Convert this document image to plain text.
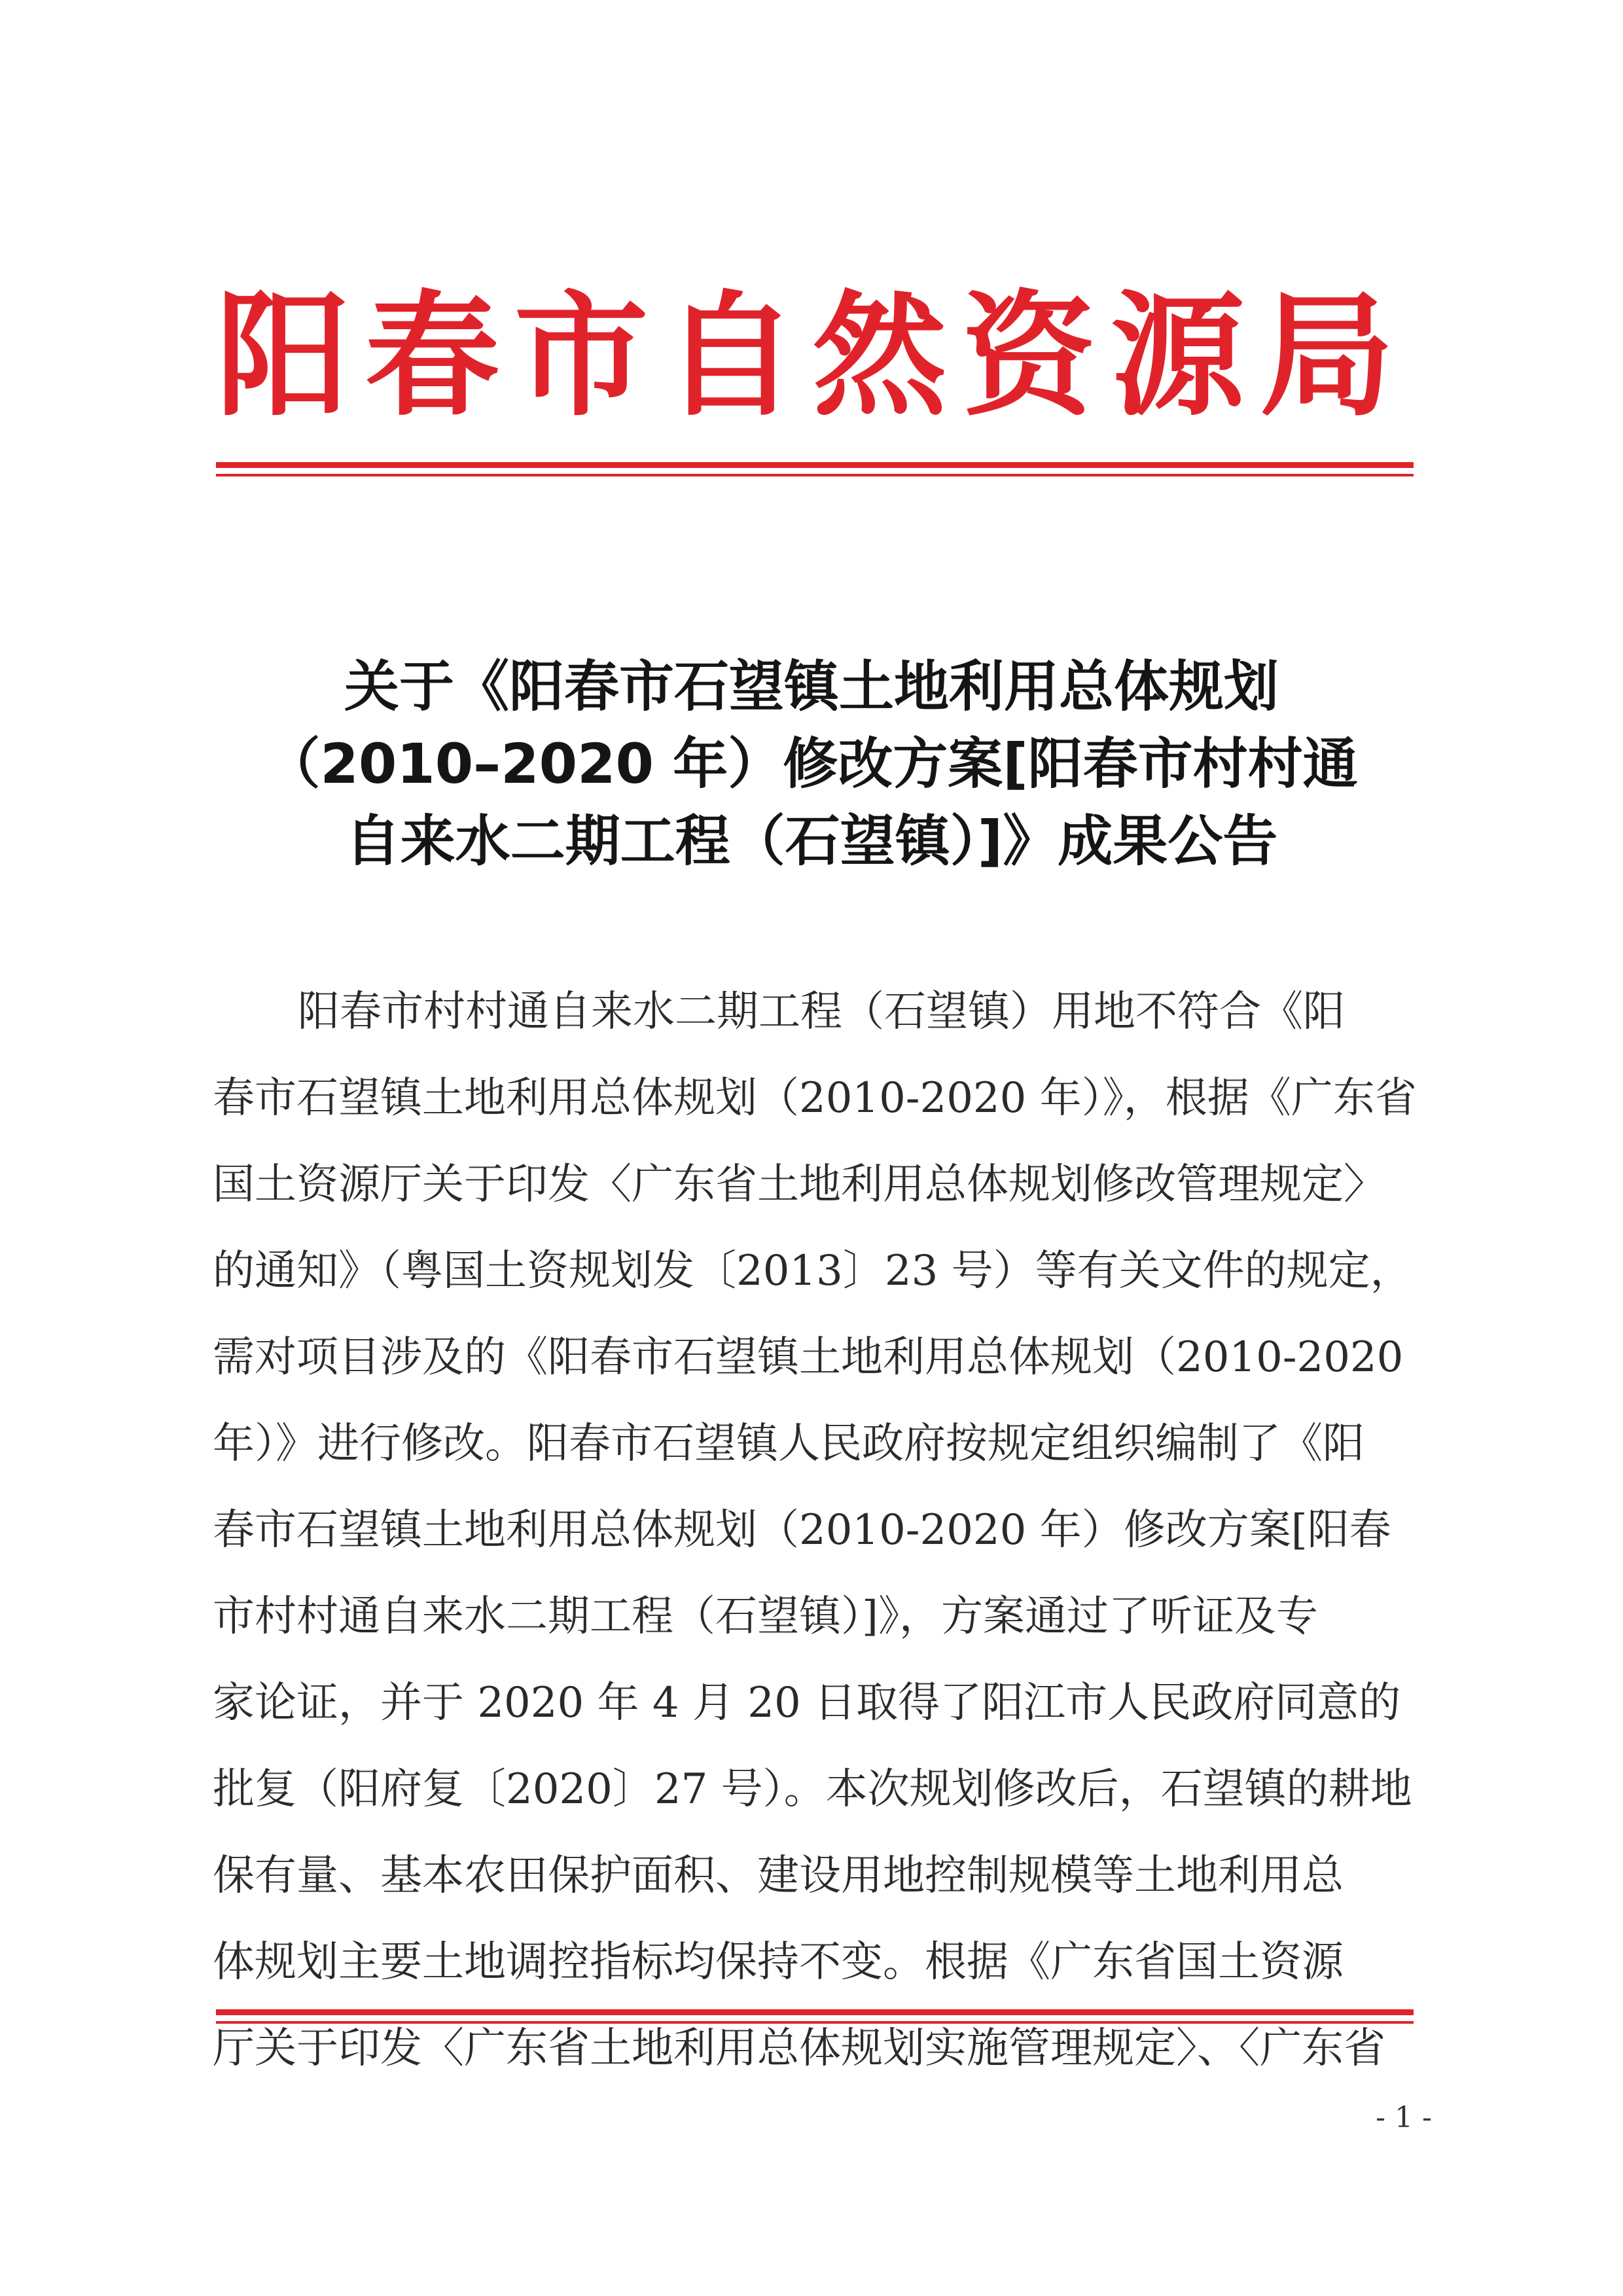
阳 春 市 自 然 资 源 局
关于《阳春市石望镇土地利用总体规划
（2010–2020 年）修改方案[阳春市村村通
自来水二期工程（石望镇）]》成果公告
阳春市村村通自来水二期工程（石望镇）用地不符合《阳
春市石望镇土地利用总体规划（2010-2020 年）》，根据《广东省
国土资源厅关于印发〈广东省土地利用总体规划修改管理规定〉
的通知》（粤国土资规划发〔2013〕23 号）等有关文件的规定，
需对项目涉及的《阳春市石望镇土地利用总体规划（2010-2020
年）》进行修改。阳春市石望镇人民政府按规定组织编制了《阳
春市石望镇土地利用总体规划（2010-2020 年）修改方案[阳春
市村村通自来水二期工程（石望镇）]》，方案通过了听证及专
家论证，并于 2020 年 4 月 20 日取得了阳江市人民政府同意的
批复（阳府复〔2020〕27 号）。本次规划修改后，石望镇的耕地
保有量、基本农田保护面积、建设用地控制规模等土地利用总
体规划主要土地调控指标均保持不变。根据《广东省国土资源
厅关于印发〈广东省土地利用总体规划实施管理规定〉、〈广东省
- 1 -
